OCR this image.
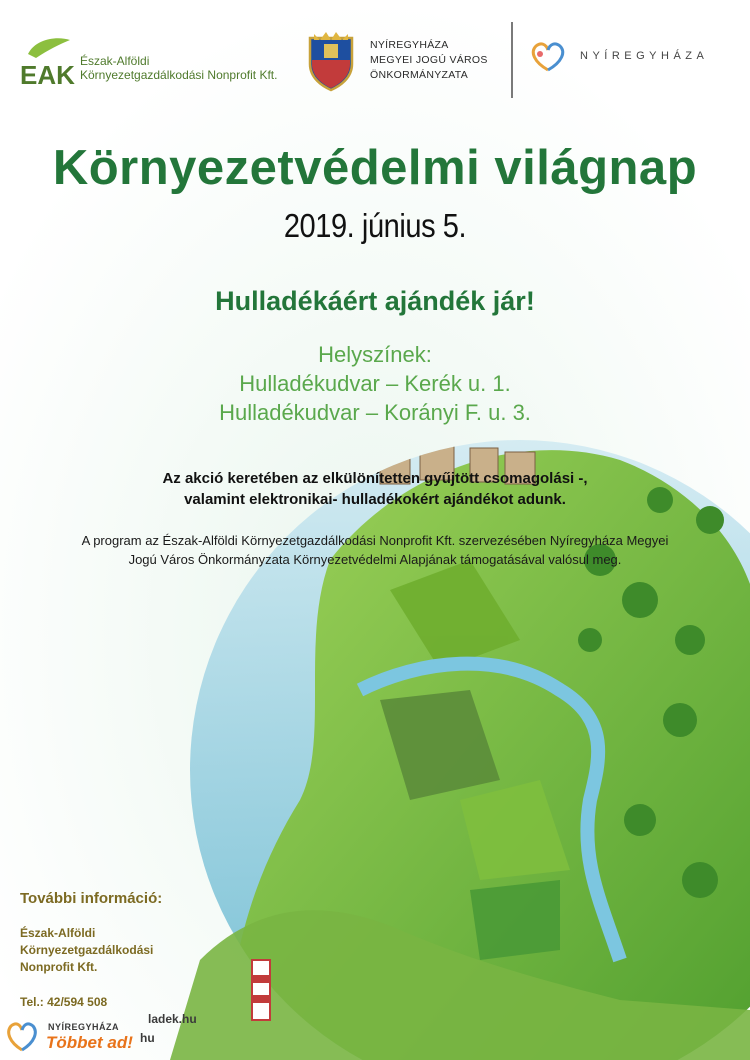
EAK Észak-Alföldi
Környezetgazdálkodási Nonprofit Kft.
NYÍREGYHÁZA
MEGYEI JOGÚ VÁROS
ÖNKORMÁNYZATA
NYÍREGYHÁZA
Környezetvédelmi világnap
2019. június 5.
Hulladékáért ajándék jár!
Helyszínek:
Hulladékudvar – Kerék u. 1.
Hulladékudvar – Korányi F. u. 3.
Az akció keretében az elkülönítetten gyűjtött csomagolási -,
valamint elektronikai- hulladékokért ajándékot adunk.
A program az Észak-Alföldi Környezetgazdálkodási Nonprofit Kft. szervezésében Nyíregyháza Megyei
Jogú Város Önkormányzata Környezetvédelmi Alapjának támogatásával valósul meg.
További információ:
Észak-Alföldi
Környezetgazdálkodási
Nonprofit Kft.
Tel.: 42/594 508
ladek.hu
hu
NYÍREGYHÁZA
Többet ad!
